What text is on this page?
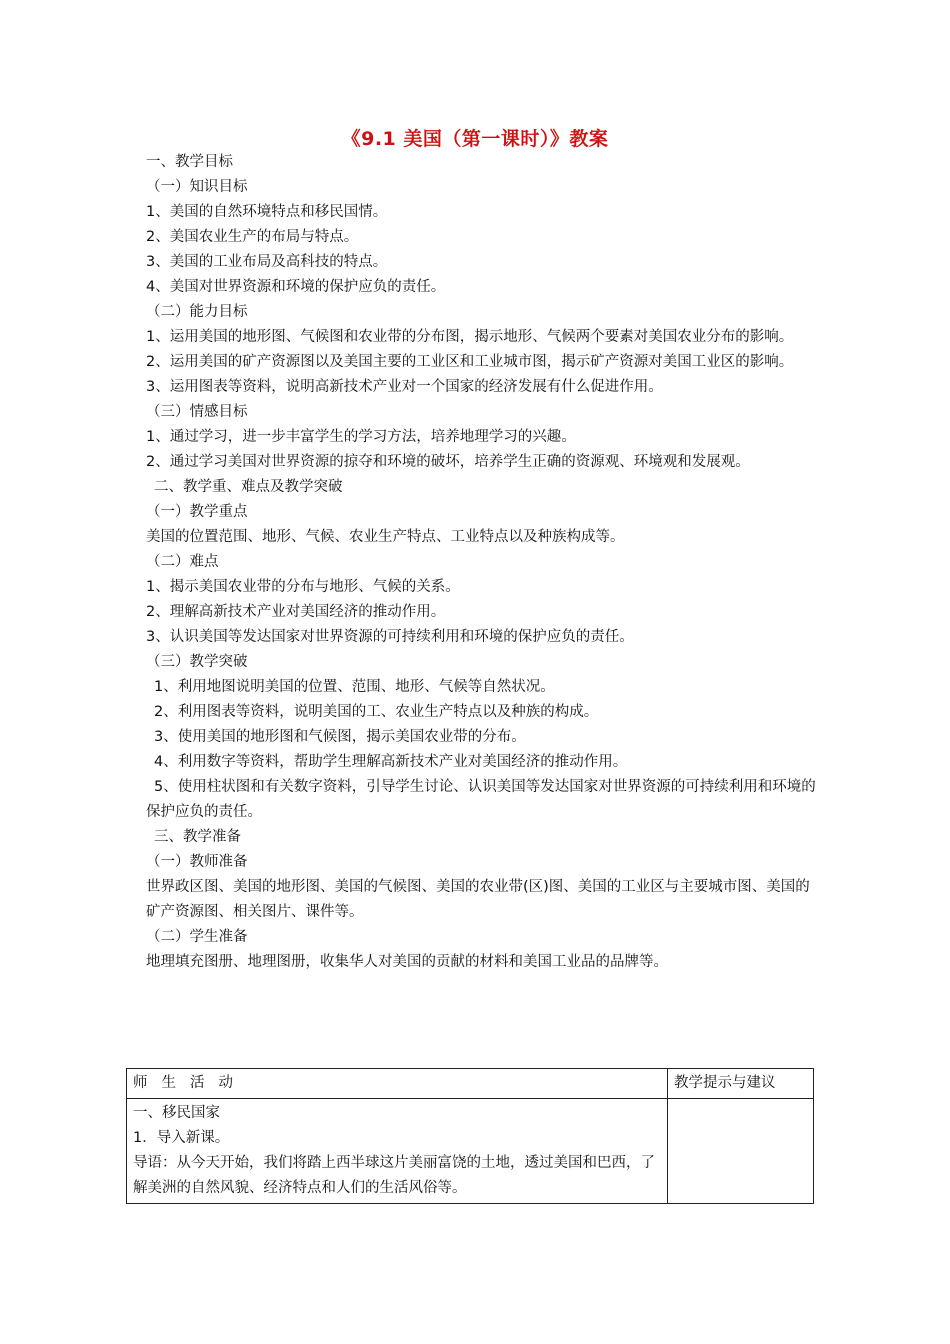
《9.1 美国（第一课时）》教案
一、教学目标
（一）知识目标
1、美国的自然环境特点和移民国情。
2、美国农业生产的布局与特点。
3、美国的工业布局及高科技的特点。
4、美国对世界资源和环境的保护应负的责任。
（二）能力目标
1、运用美国的地形图、气候图和农业带的分布图，揭示地形、气候两个要素对美国农业分布的影响。
2、运用美国的矿产资源图以及美国主要的工业区和工业城市图，揭示矿产资源对美国工业区的影响。
3、运用图表等资料，说明高新技术产业对一个国家的经济发展有什么促进作用。
（三）情感目标
1、通过学习，进一步丰富学生的学习方法，培养地理学习的兴趣。
2、通过学习美国对世界资源的掠夺和环境的破坏，培养学生正确的资源观、环境观和发展观。
二、教学重、难点及教学突破
（一）教学重点
美国的位置范围、地形、气候、农业生产特点、工业特点以及种族构成等。
（二）难点
1、揭示美国农业带的分布与地形、气候的关系。
2、理解高新技术产业对美国经济的推动作用。
3、认识美国等发达国家对世界资源的可持续利用和环境的保护应负的责任。
（三）教学突破
1、利用地图说明美国的位置、范围、地形、气候等自然状况。
2、利用图表等资料，说明美国的工、农业生产特点以及种族的构成。
3、使用美国的地形图和气候图，揭示美国农业带的分布。
4、利用数字等资料，帮助学生理解高新技术产业对美国经济的推动作用。
5、使用柱状图和有关数字资料，引导学生讨论、认识美国等发达国家对世界资源的可持续利用和环境的保护应负的责任。
三、教学准备
（一）教师准备
世界政区图、美国的地形图、美国的气候图、美国的农业带(区)图、美国的工业区与主要城市图、美国的矿产资源图、相关图片、课件等。
（二）学生准备
地理填充图册、地理图册，收集华人对美国的贡献的材料和美国工业品的品牌等。
师生活动	教学提示与建议

一、移民国家
1．导入新课。
导语：从今天开始，我们将踏上西半球这片美丽富饶的土地，透过美国和巴西，了解美洲的自然风貌、经济特点和人们的生活风俗等。	
